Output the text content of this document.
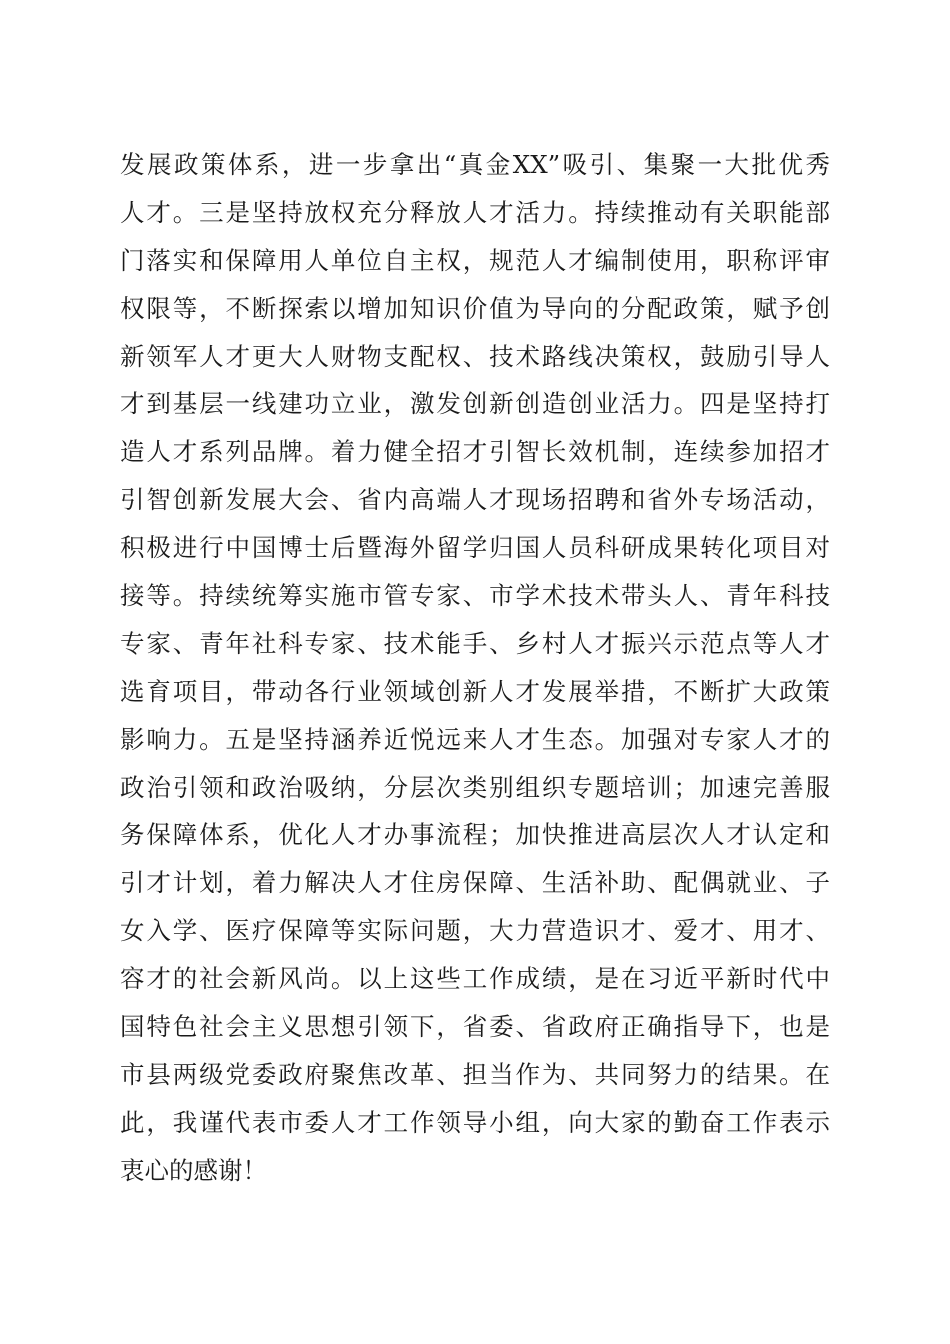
发展政策体系，进一步拿出“真金XX”吸引、集聚一大批优秀
人才。三是坚持放权充分释放人才活力。持续推动有关职能部
门落实和保障用人单位自主权，规范人才编制使用，职称评审
权限等，不断探索以增加知识价值为导向的分配政策，赋予创
新领军人才更大人财物支配权、技术路线决策权，鼓励引导人
才到基层一线建功立业，激发创新创造创业活力。四是坚持打
造人才系列品牌。着力健全招才引智长效机制，连续参加招才
引智创新发展大会、省内高端人才现场招聘和省外专场活动，
积极进行中国博士后暨海外留学归国人员科研成果转化项目对
接等。持续统筹实施市管专家、市学术技术带头人、青年科技
专家、青年社科专家、技术能手、乡村人才振兴示范点等人才
选育项目，带动各行业领域创新人才发展举措，不断扩大政策
影响力。五是坚持涵养近悦远来人才生态。加强对专家人才的
政治引领和政治吸纳，分层次类别组织专题培训；加速完善服
务保障体系，优化人才办事流程；加快推进高层次人才认定和
引才计划，着力解决人才住房保障、生活补助、配偶就业、子
女入学、医疗保障等实际问题，大力营造识才、爱才、用才、
容才的社会新风尚。以上这些工作成绩，是在习近平新时代中
国特色社会主义思想引领下，省委、省政府正确指导下，也是
市县两级党委政府聚焦改革、担当作为、共同努力的结果。在
此，我谨代表市委人才工作领导小组，向大家的勤奋工作表示
衷心的感谢！
